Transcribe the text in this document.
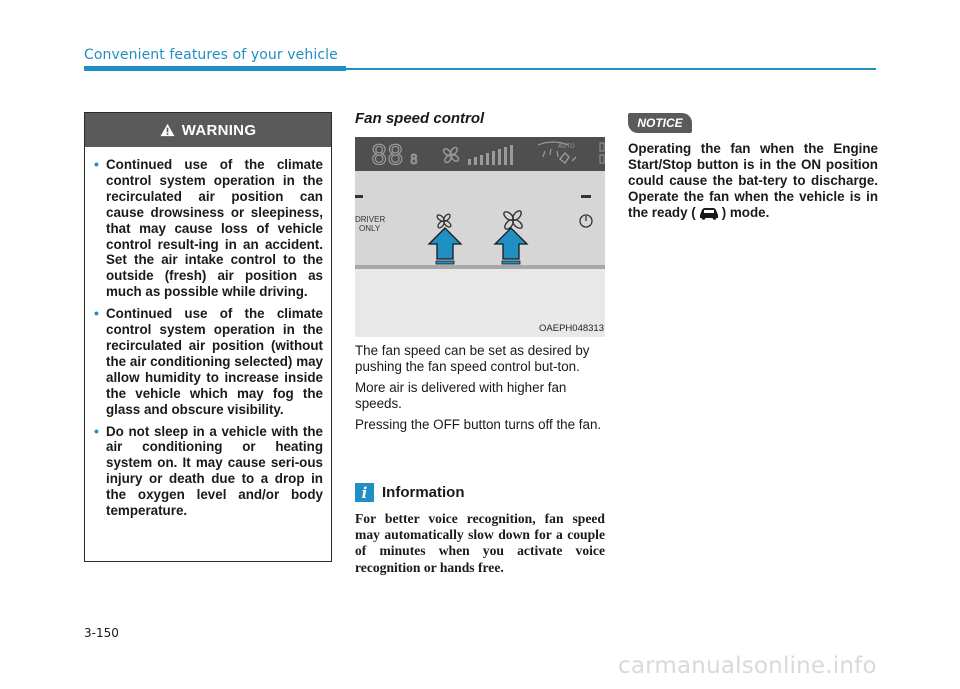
Convenient features of your vehicle
WARNING
• Continued use of the climate control system operation in the recirculated air position can cause drowsiness or sleepiness, that may cause loss of vehicle control result-ing in an accident. Set the air intake control to the outside (fresh) air position as much as possible while driving.
• Continued use of the climate control system operation in the recirculated air position (without the air conditioning selected) may allow humidity to increase inside the vehicle which may fog the glass and obscure visibility.
• Do not sleep in a vehicle with the air conditioning or heating system on. It may cause seri-ous injury or death due to a drop in the oxygen level and/or body temperature.
Fan speed control
88 8
AUTO
DRIVER
ONLY
OAEPH048313

The fan speed can be set as desired by pushing the fan speed control but-ton.

More air is delivered with higher fan speeds.

Pressing the OFF button turns off the fan.

i Information
For better voice recognition, fan speed may automatically slow down for a couple of minutes when you activate voice recognition or hands free.
NOTICE
Operating the fan when the Engine Start/Stop button is in the ON position could cause the bat-tery to discharge. Operate the fan when the vehicle is in the ready ( ) mode.
3-150
carmanualsonline.info
